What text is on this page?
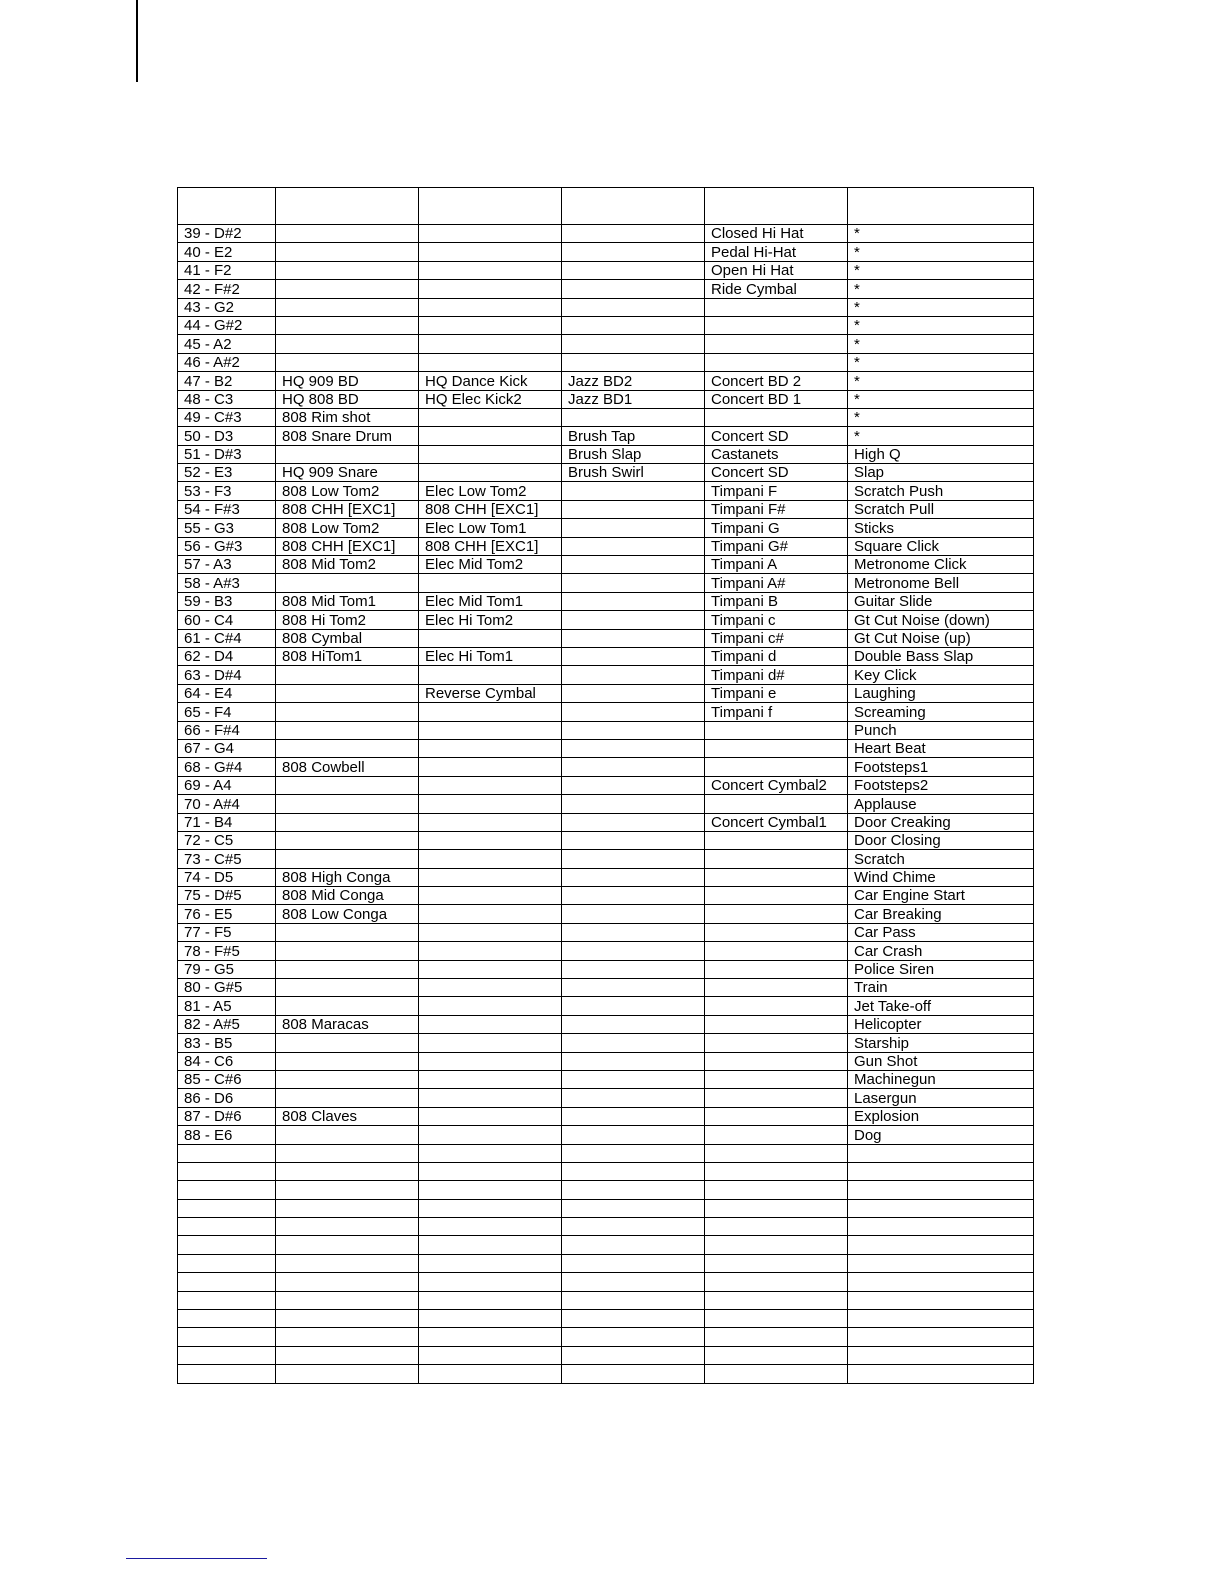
39 - D#2				Closed Hi Hat	*
40 - E2				Pedal Hi-Hat	*
41 - F2				Open Hi Hat	*
42 - F#2				Ride Cymbal	*
43 - G2					*
44 - G#2					*
45 - A2					*
46 - A#2					*
47 - B2	HQ 909 BD	HQ Dance Kick	Jazz BD2	Concert BD 2	*
48 - C3	HQ 808 BD	HQ Elec Kick2	Jazz BD1	Concert BD 1	*
49 - C#3	808 Rim shot				*
50 - D3	808 Snare Drum		Brush Tap	Concert SD	*
51 - D#3			Brush Slap	Castanets	High Q
52 - E3	HQ 909 Snare		Brush Swirl	Concert SD	Slap
53 - F3	808 Low Tom2	Elec Low Tom2		Timpani F	Scratch Push
54 - F#3	808 CHH [EXC1]	808 CHH [EXC1]		Timpani F#	Scratch Pull
55 - G3	808 Low Tom2	Elec Low Tom1		Timpani G	Sticks
56 - G#3	808 CHH [EXC1]	808 CHH [EXC1]		Timpani G#	Square Click
57 - A3	808 Mid Tom2	Elec Mid Tom2		Timpani A	Metronome Click
58 - A#3				Timpani A#	Metronome Bell
59 - B3	808 Mid Tom1	Elec Mid Tom1		Timpani B	Guitar Slide
60 - C4	808 Hi Tom2	Elec Hi Tom2		Timpani c	Gt Cut Noise (down)
61 - C#4	808 Cymbal			Timpani c#	Gt Cut Noise (up)
62 - D4	808 HiTom1	Elec Hi Tom1		Timpani d	Double Bass Slap
63 - D#4				Timpani d#	Key Click
64 - E4		Reverse Cymbal		Timpani e	Laughing
65 - F4				Timpani f	Screaming
66 - F#4					Punch
67 - G4					Heart Beat
68 - G#4	808 Cowbell				Footsteps1
69 - A4				Concert Cymbal2	Footsteps2
70 - A#4					Applause
71 - B4				Concert Cymbal1	Door Creaking
72 - C5					Door Closing
73 - C#5					Scratch
74 - D5	808 High Conga				Wind Chime
75 - D#5	808 Mid Conga				Car Engine Start
76 - E5	808 Low Conga				Car Breaking
77 - F5					Car Pass
78 - F#5					Car Crash
79 - G5					Police Siren
80 - G#5					Train
81 - A5					Jet Take-off
82 - A#5	808 Maracas				Helicopter
83 - B5					Starship
84 - C6					Gun Shot
85 - C#6					Machinegun
86 - D6					Lasergun
87 - D#6	808 Claves				Explosion
88 - E6					Dog
